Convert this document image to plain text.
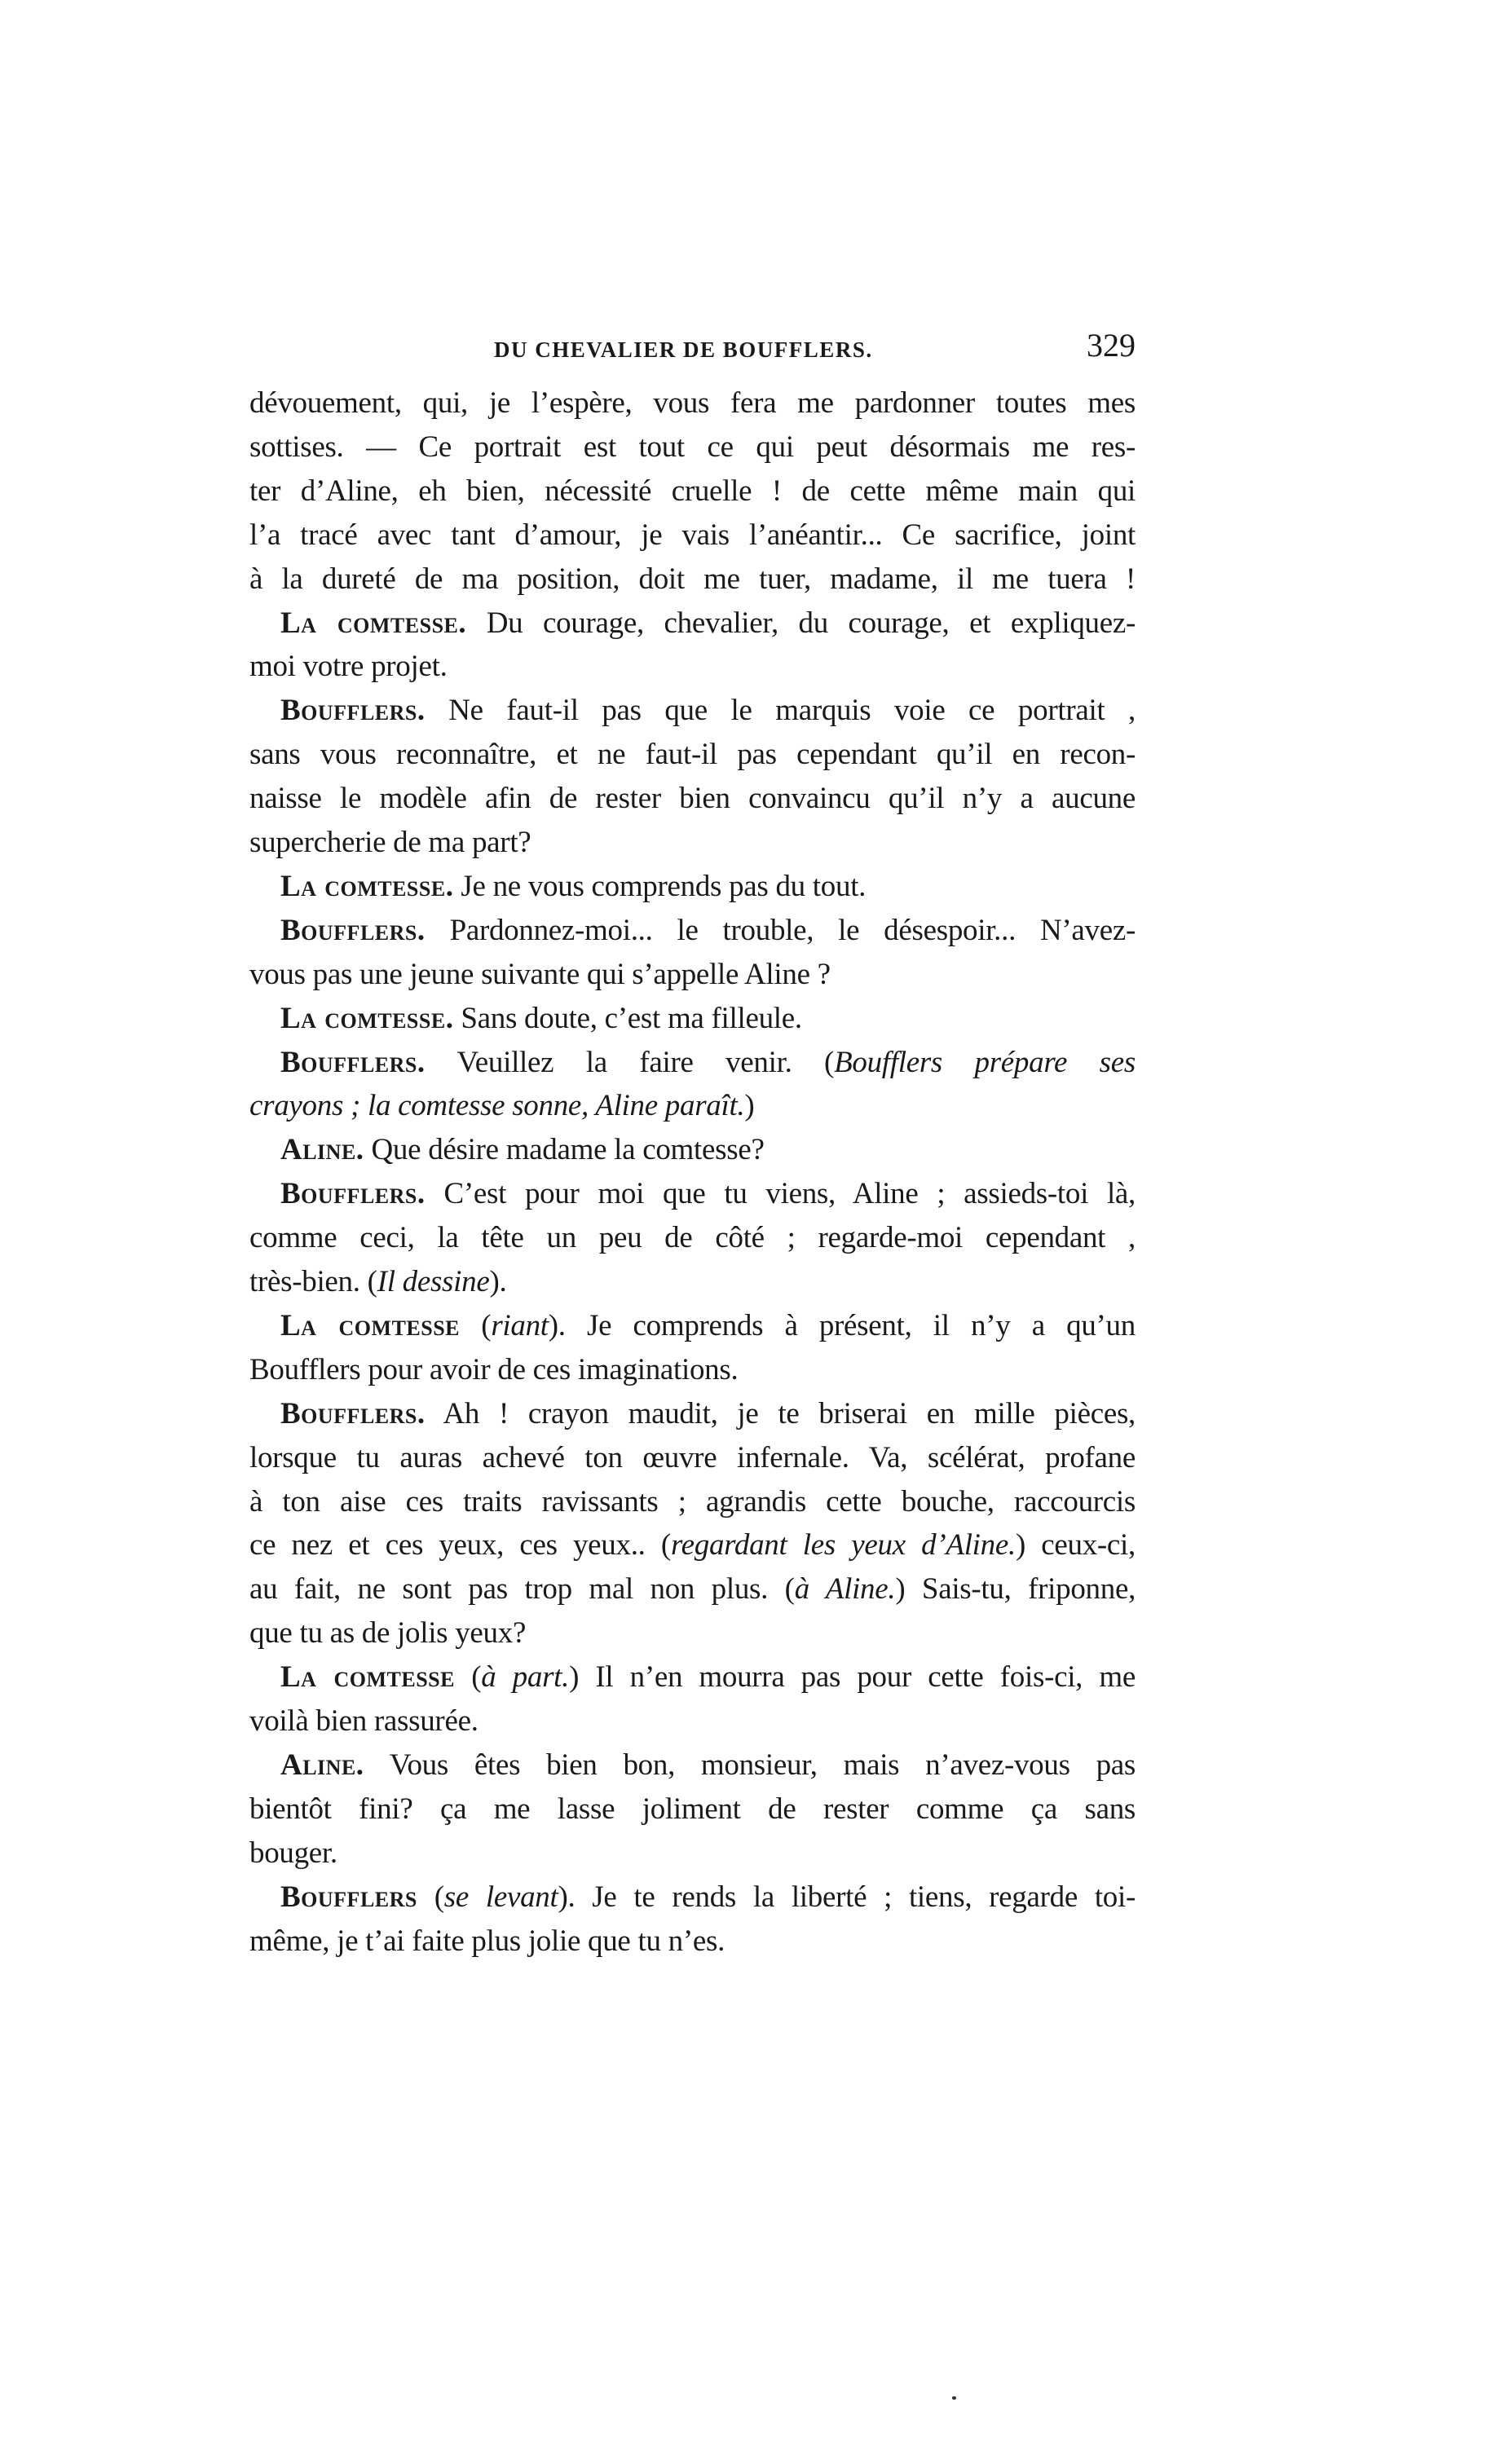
DU CHEVALIER DE BOUFFLERS.	329
dévouement, qui, je l’espère, vous fera me pardonner toutes mes
sottises. — Ce portrait est tout ce qui peut désormais me res-
ter d’Aline, eh bien, nécessité cruelle ! de cette même main qui
l’a tracé avec tant d’amour, je vais l’anéantir... Ce sacrifice, joint
à la dureté de ma position, doit me tuer, madame, il me tuera !
La comtesse. Du courage, chevalier, du courage, et expliquez-
moi votre projet.
Boufflers. Ne faut-il pas que le marquis voie ce portrait ,
sans vous reconnaître, et ne faut-il pas cependant qu’il en recon-
naisse le modèle afin de rester bien convaincu qu’il n’y a aucune
supercherie de ma part?
La comtesse. Je ne vous comprends pas du tout.
Boufflers. Pardonnez-moi... le trouble, le désespoir... N’avez-
vous pas une jeune suivante qui s’appelle Aline ?
La comtesse. Sans doute, c’est ma filleule.
Boufflers. Veuillez la faire venir. (Boufflers prépare ses
crayons ; la comtesse sonne, Aline paraît.)
Aline. Que désire madame la comtesse?
Boufflers. C’est pour moi que tu viens, Aline ; assieds-toi là,
comme ceci, la tête un peu de côté ; regarde-moi cependant ,
très-bien. (Il dessine).
La comtesse (riant). Je comprends à présent, il n’y a qu’un
Boufflers pour avoir de ces imaginations.
Boufflers. Ah ! crayon maudit, je te briserai en mille pièces,
lorsque tu auras achevé ton œuvre infernale. Va, scélérat, profane
à ton aise ces traits ravissants ; agrandis cette bouche, raccourcis
ce nez et ces yeux, ces yeux.. (regardant les yeux d’Aline.) ceux-ci,
au fait, ne sont pas trop mal non plus. (à Aline.) Sais-tu, friponne,
que tu as de jolis yeux?
La comtesse (à part.) Il n’en mourra pas pour cette fois-ci, me
voilà bien rassurée.
Aline. Vous êtes bien bon, monsieur, mais n’avez-vous pas
bientôt fini? ça me lasse joliment de rester comme ça sans
bouger.
Boufflers (se levant). Je te rends la liberté ; tiens, regarde toi-
même, je t’ai faite plus jolie que tu n’es.
